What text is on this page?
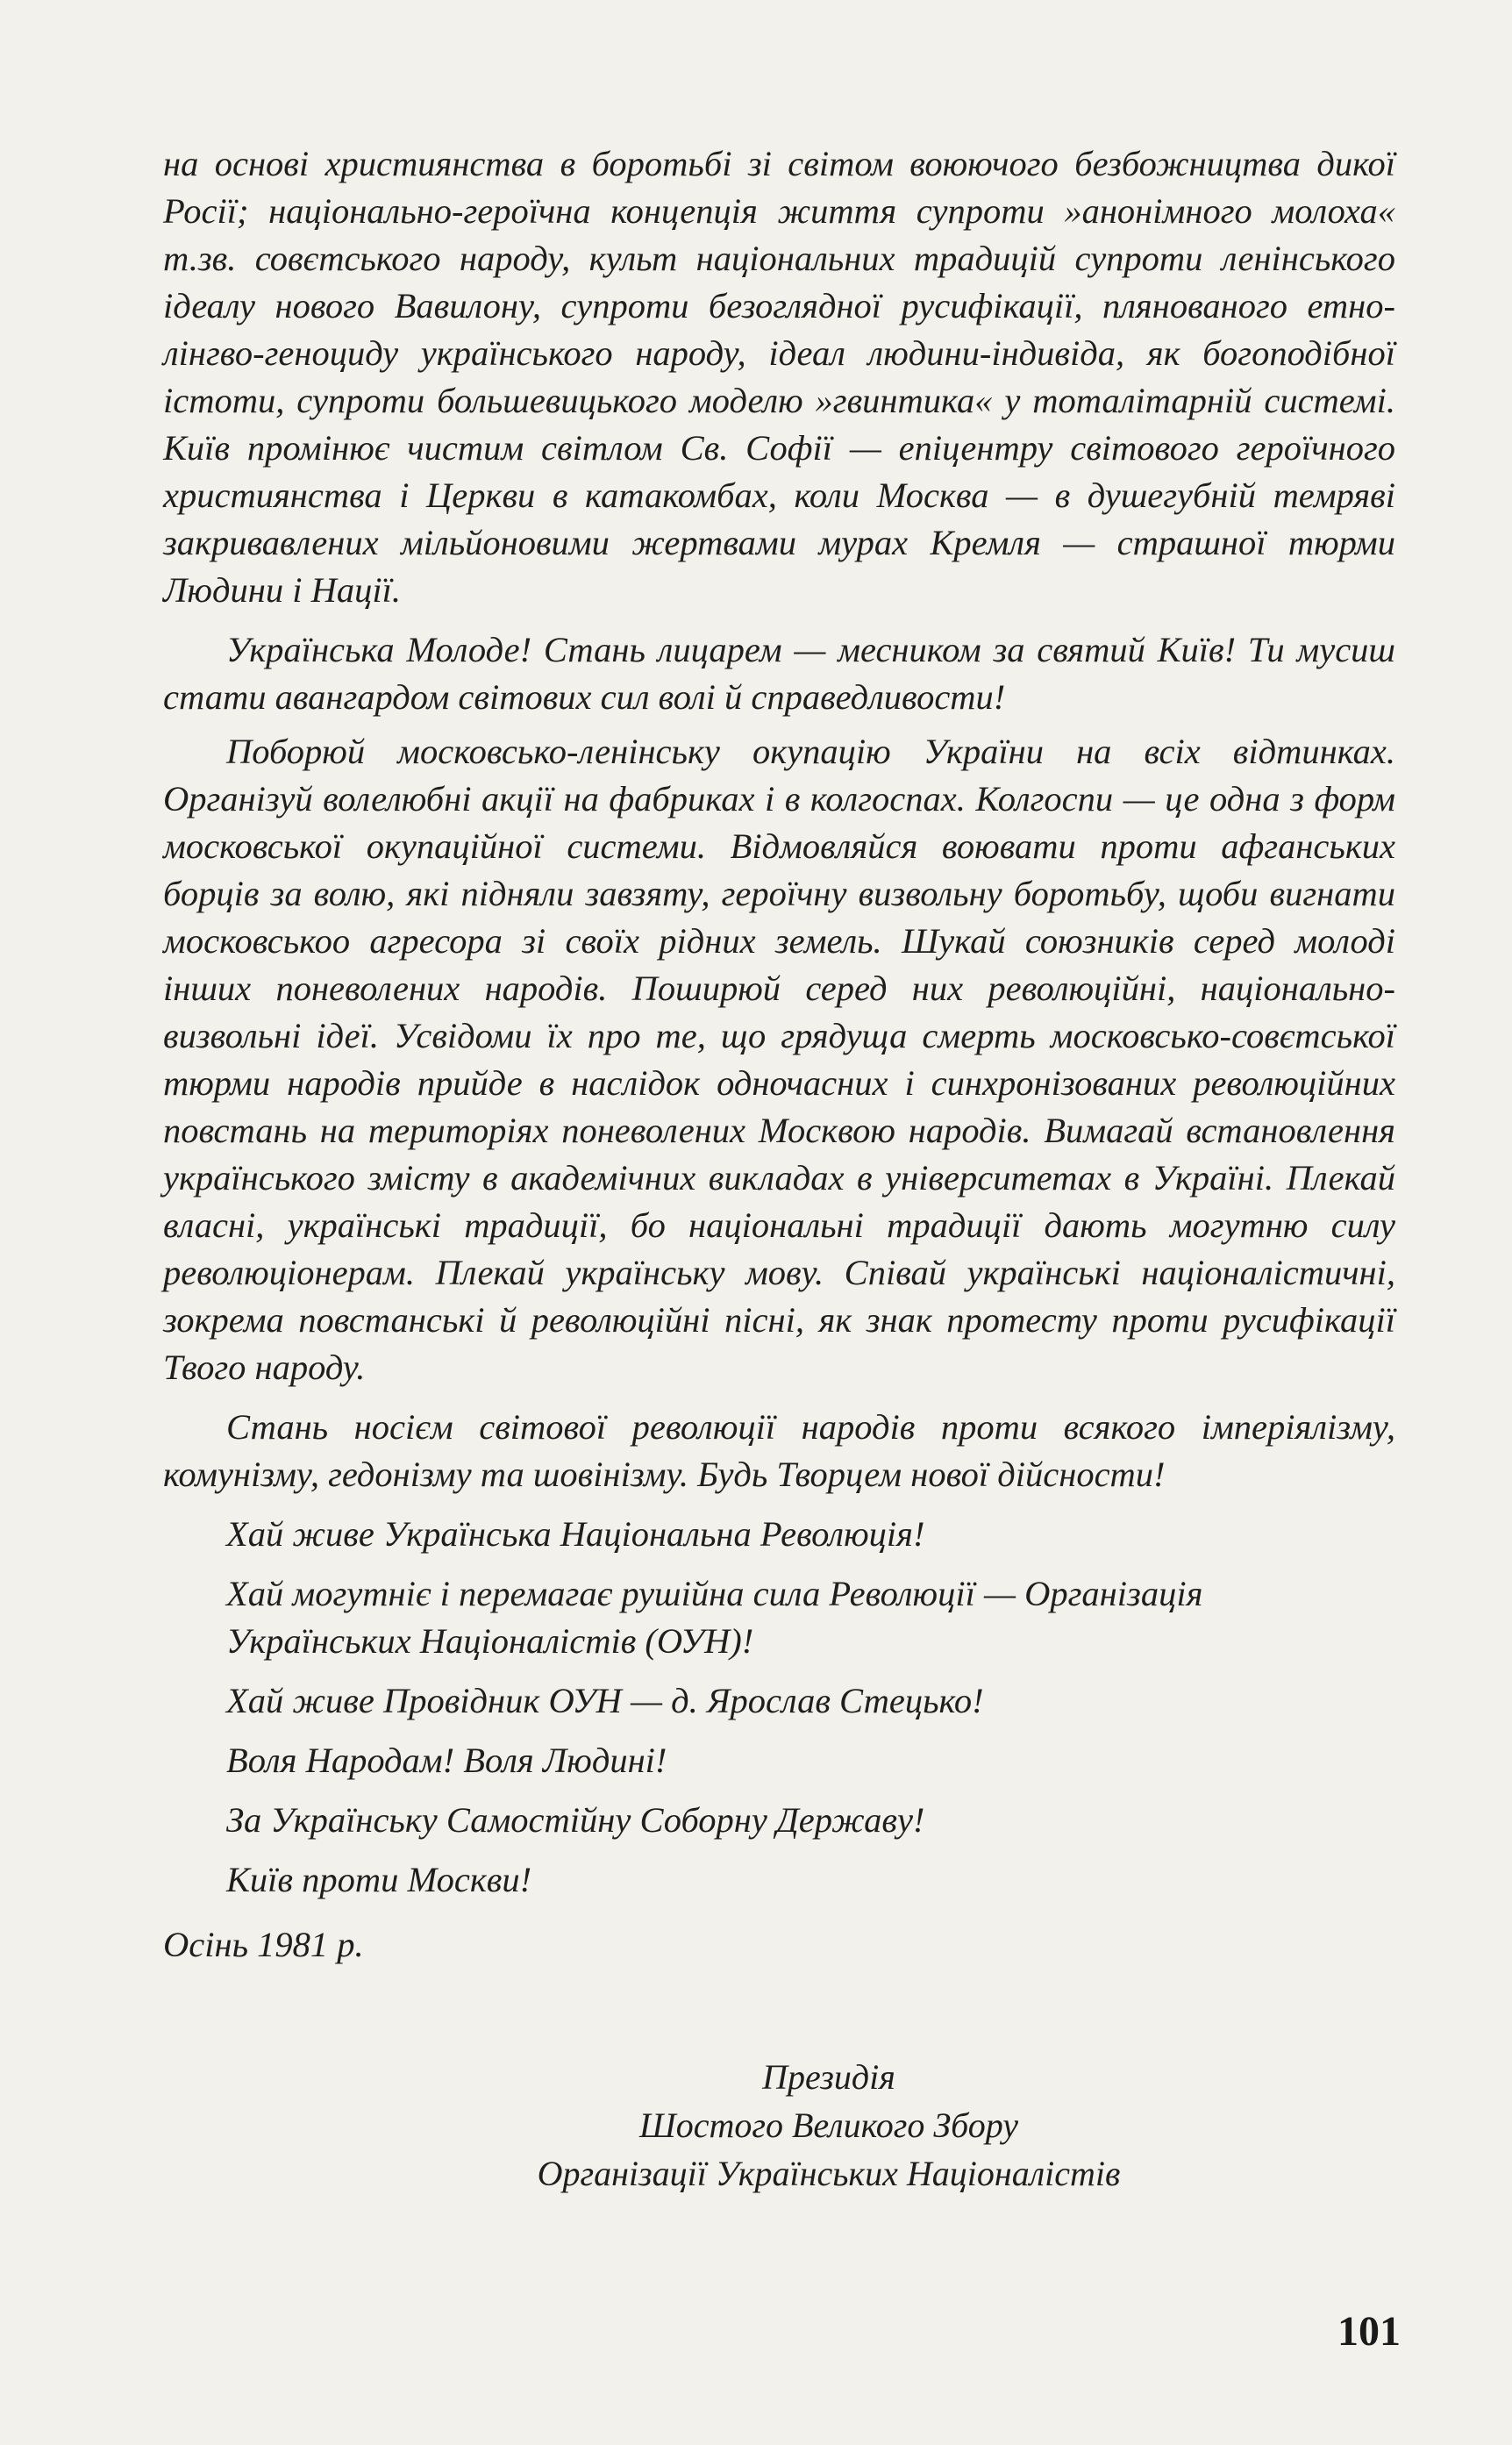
на основі християнства в боротьбі зі світом воюючого безбожництва дикої Росії; національно-героїчна концепція життя супроти »анонімного молоха« т.зв. совєтського народу, культ національних традицій супроти ленінського ідеалу нового Вавилону, супроти безоглядної русифікації, плянованого етно-лінгво-геноциду українського народу, ідеал людини-індивіда, як богоподібної істоти, супроти большевицького моделю »гвинтика« у тоталітарній системі. Київ промінює чистим світлом Св. Софії — епіцентру світового героїчного християнства і Церкви в катакомбах, коли Москва — в душегубній темряві закривавлених мільйоновими жертвами мурах Кремля — страшної тюрми Людини і Нації.

Українська Молоде! Стань лицарем — месником за святий Київ! Ти мусиш стати авангардом світових сил волі й справедливости!

Поборюй московсько-ленінську окупацію України на всіх відтинках. Організуй волелюбні акції на фабриках і в колгоспах. Колгоспи — це одна з форм московської окупаційної системи. Відмовляйся воювати проти афганських борців за волю, які підняли завзяту, героїчну визвольну боротьбу, щоби вигнати московськоо агресора зі своїх рідних земель. Шукай союзників серед молоді інших поневолених народів. Поширюй серед них революційні, національно-визвольні ідеї. Усвідоми їх про те, що грядуща смерть московсько-совєтської тюрми народів прийде в наслідок одночасних і синхронізованих революційних повстань на територіях поневолених Москвою народів. Вимагай встановлення українського змісту в академічних викладах в університетах в Україні. Плекай власні, українські традиції, бо національні традиції дають могутню силу революціонерам. Плекай українську мову. Співай українські націоналістичні, зокрема повстанські й революційні пісні, як знак протесту проти русифікації Твого народу.

Стань носієм світової революції народів проти всякого імперіялізму, комунізму, гедонізму та шовінізму. Будь Творцем нової дійсности!

Хай живе Українська Національна Революція!
Хай могутніє і перемагає рушійна сила Революції — Організація
Українських Націоналістів (ОУН)!
Хай живе Провідник ОУН — д. Ярослав Стецько!
Воля Народам! Воля Людині!
За Українську Самостійну Соборну Державу!
Київ проти Москви!
Осінь 1981 р.
Президія
Шостого Великого Збору
Організації Українських Націоналістів
101
